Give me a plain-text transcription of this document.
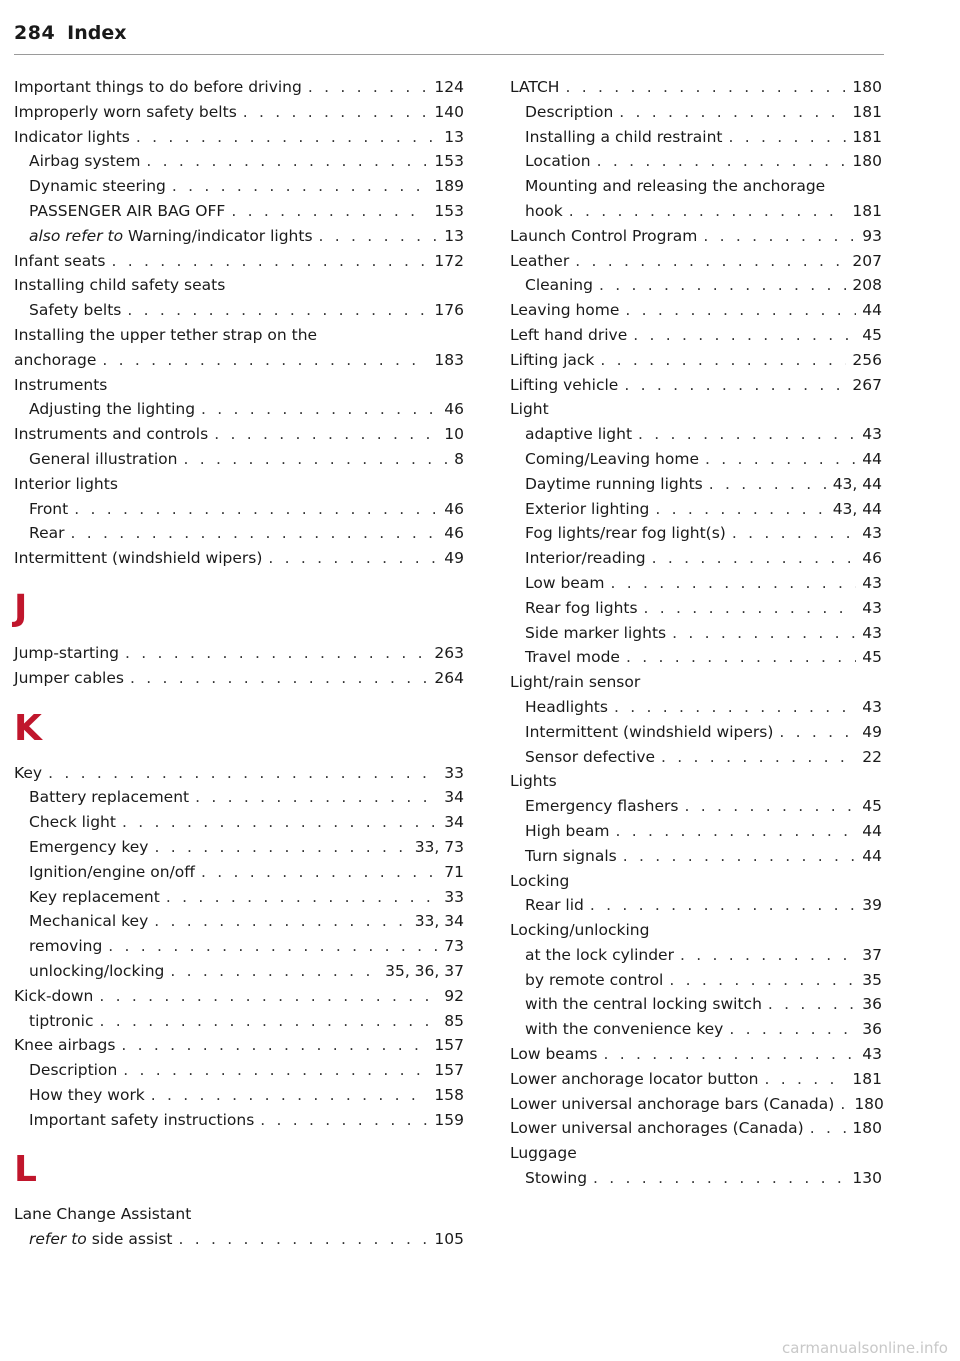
284 Index
Important things to do before driving . . .	124
Improperly worn safety belts . . .	140
Indicator lights . . .	13
Airbag system . . .	153
Dynamic steering . . .	189
PASSENGER AIR BAG OFF . . .	153
also refer to Warning/indicator lights . . .	13
Infant seats . . .	172
Installing child safety seats
Safety belts . . .	176
Installing the upper tether strap on the
anchorage . . .	183
Instruments
Adjusting the lighting . . .	46
Instruments and controls . . .	10
General illustration . . .	8
Interior lights
Front . . .	46
Rear . . .	46
Intermittent (windshield wipers) . . .	49
J
Jump-starting . . .	263
Jumper cables . . .	264
K
Key . . .	33
Battery replacement . . .	34
Check light . . .	34
Emergency key . . .	33, 73
Ignition/engine on/off . . .	71
Key replacement . . .	33
Mechanical key . . .	33, 34
removing . . .	73
unlocking/locking . . .	35, 36, 37
Kick-down . . .	92
tiptronic . . .	85
Knee airbags . . .	157
Description . . .	157
How they work . . .	158
Important safety instructions . . .	159
L
Lane Change Assistant
refer to side assist . . .	105
LATCH . . .	180
Description . . .	181
Installing a child restraint . . .	181
Location . . .	180
Mounting and releasing the anchorage
hook . . .	181
Launch Control Program . . .	93
Leather . . .	207
Cleaning . . .	208
Leaving home . . .	44
Left hand drive . . .	45
Lifting jack . . .	256
Lifting vehicle . . .	267
Light
adaptive light . . .	43
Coming/Leaving home . . .	44
Daytime running lights . . .	43, 44
Exterior lighting . . .	43, 44
Fog lights/rear fog light(s) . . .	43
Interior/reading . . .	46
Low beam . . .	43
Rear fog lights . . .	43
Side marker lights . . .	43
Travel mode . . .	45
Light/rain sensor
Headlights . . .	43
Intermittent (windshield wipers) . . .	49
Sensor defective . . .	22
Lights
Emergency flashers . . .	45
High beam . . .	44
Turn signals . . .	44
Locking
Rear lid . . .	39
Locking/unlocking
at the lock cylinder . . .	37
by remote control . . .	35
with the central locking switch . . .	36
with the convenience key . . .	36
Low beams . . .	43
Lower anchorage locator button . . .	181
Lower universal anchorage bars (Canada) . . . 180
Lower universal anchorages (Canada) . . .	180
Luggage
Stowing . . .	130
carmanualsonline.info
